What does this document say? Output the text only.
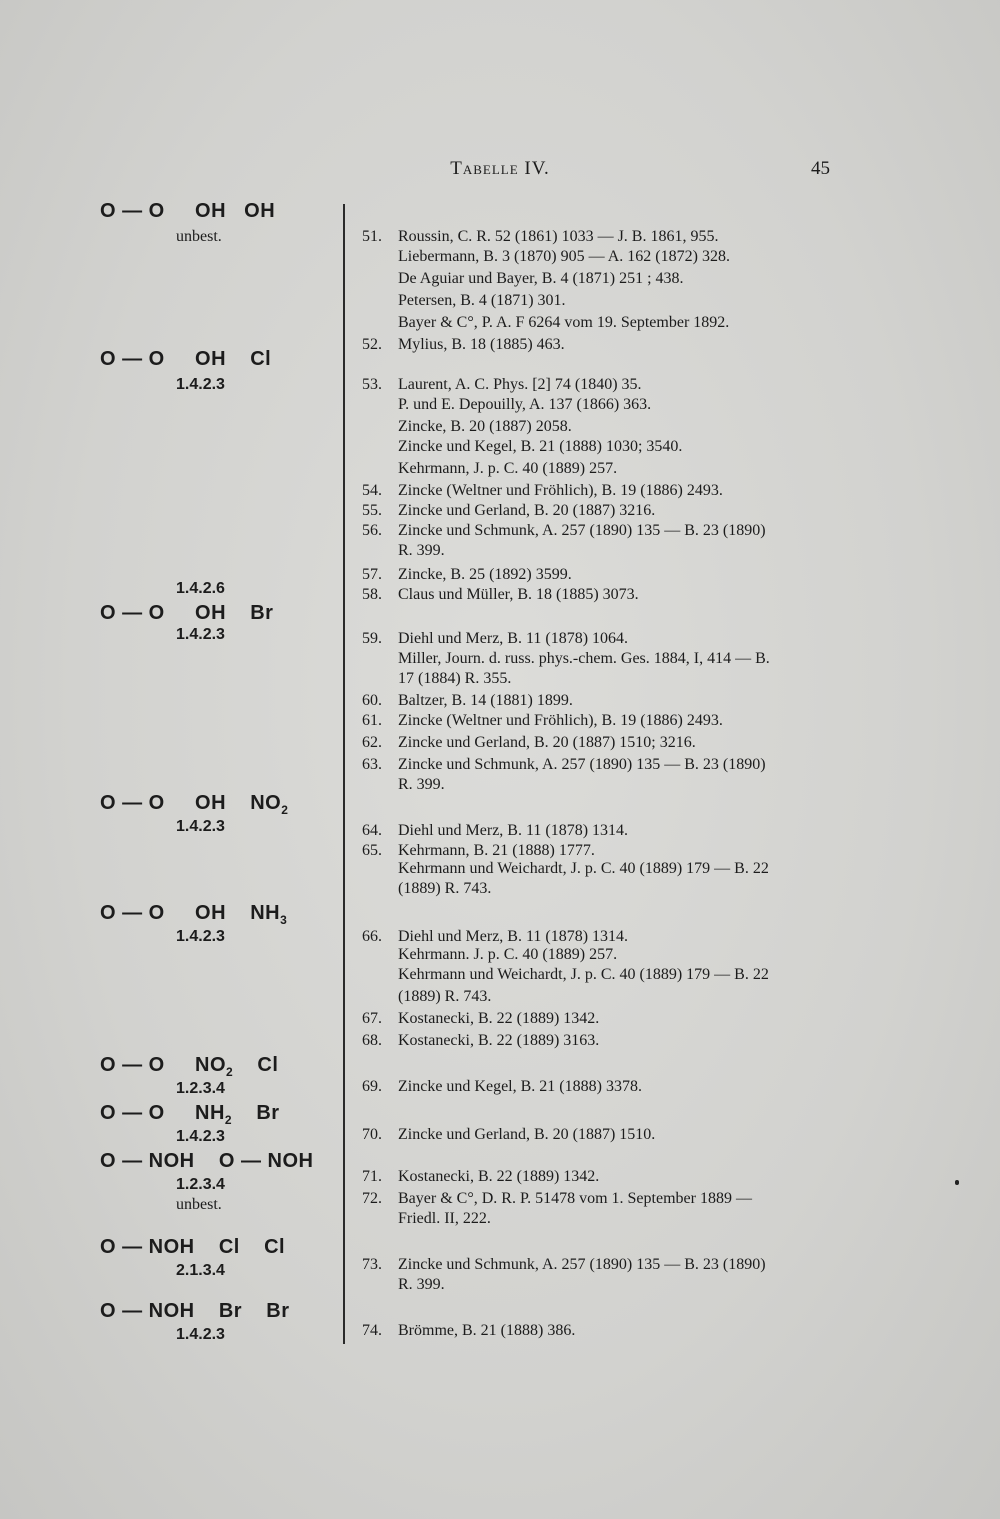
Tabelle IV.	45
O — O     OH   OH
unbest.
O — O     OH    Cl
1.4.2.3
1.4.2.6
O — O     OH    Br
1.4.2.3
O — O     OH    $NO_2$
1.4.2.3
O — O     OH    $NH_3$
1.4.2.3
O — O     $NO_2$    Cl
1.2.3.4
O — O     $NH_2$    Br
1.4.2.3
O — NOH    O — NOH
1.2.3.4
unbest.
O — NOH    Cl    Cl
2.1.3.4
O — NOH    Br    Br
1.4.2.3
51. Roussin, C. R. 52 (1861) 1033 — J. B. 1861, 955.
Liebermann, B. 3 (1870) 905 — A. 162 (1872) 328.
De Aguiar und Bayer, B. 4 (1871) 251 ; 438.
Petersen, B. 4 (1871) 301.
Bayer & C°, P. A. F 6264 vom 19. September 1892.
52. Mylius, B. 18 (1885) 463.
53. Laurent, A. C. Phys. [2] 74 (1840) 35.
P. und E. Depouilly, A. 137 (1866) 363.
Zincke, B. 20 (1887) 2058.
Zincke und Kegel, B. 21 (1888) 1030; 3540.
Kehrmann, J. p. C. 40 (1889) 257.
54. Zincke (Weltner und Fröhlich), B. 19 (1886) 2493.
55. Zincke und Gerland, B. 20 (1887) 3216.
56. Zincke und Schmunk, A. 257 (1890) 135 — B. 23 (1890)
R. 399.
57. Zincke, B. 25 (1892) 3599.
58. Claus und Müller, B. 18 (1885) 3073.
59. Diehl und Merz, B. 11 (1878) 1064.
Miller, Journ. d. russ. phys.-chem. Ges. 1884, I, 414 — B.
17 (1884) R. 355.
60. Baltzer, B. 14 (1881) 1899.
61. Zincke (Weltner und Fröhlich), B. 19 (1886) 2493.
62. Zincke und Gerland, B. 20 (1887) 1510; 3216.
63. Zincke und Schmunk, A. 257 (1890) 135 — B. 23 (1890)
R. 399.
64. Diehl und Merz, B. 11 (1878) 1314.
65. Kehrmann, B. 21 (1888) 1777.
Kehrmann und Weichardt, J. p. C. 40 (1889) 179 — B. 22
(1889) R. 743.
66. Diehl und Merz, B. 11 (1878) 1314.
Kehrmann. J. p. C. 40 (1889) 257.
Kehrmann und Weichardt, J. p. C. 40 (1889) 179 — B. 22
(1889) R. 743.
67. Kostanecki, B. 22 (1889) 1342.
68. Kostanecki, B. 22 (1889) 3163.
69. Zincke und Kegel, B. 21 (1888) 3378.
70. Zincke und Gerland, B. 20 (1887) 1510.
71. Kostanecki, B. 22 (1889) 1342.
72. Bayer & C°, D. R. P. 51478 vom 1. September 1889 —
Friedl. II, 222.
73. Zincke und Schmunk, A. 257 (1890) 135 — B. 23 (1890)
R. 399.
74. Brömme, B. 21 (1888) 386.
